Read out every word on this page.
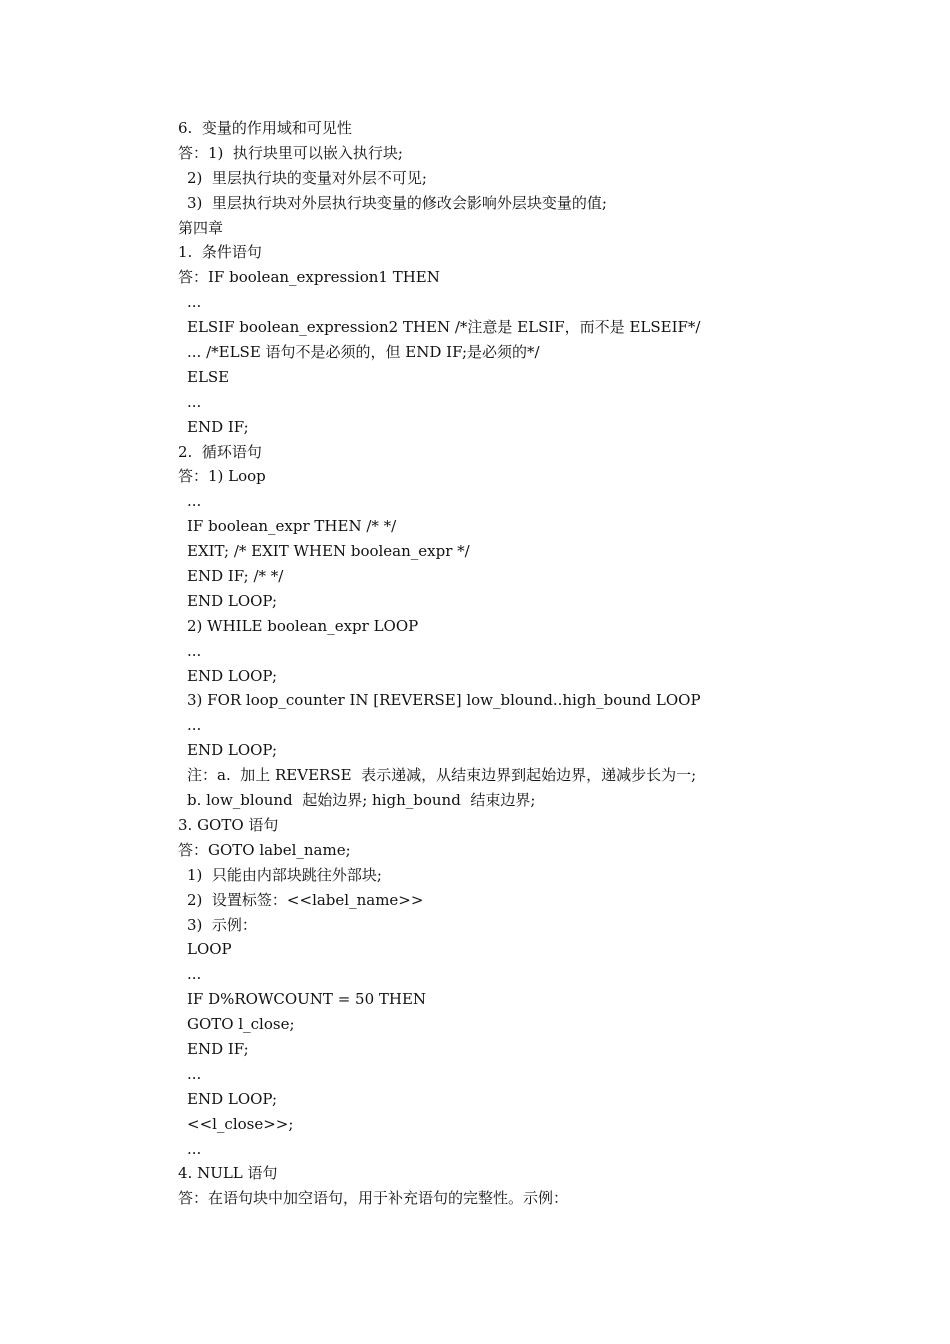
6.  变量的作用域和可见性
答：1)  执行块里可以嵌入执行块;
2)  里层执行块的变量对外层不可见;
3)  里层执行块对外层执行块变量的修改会影响外层块变量的值;
第四章
1.  条件语句
答：IF boolean_expression1 THEN
...
ELSIF boolean_expression2 THEN /*注意是 ELSIF，而不是 ELSEIF*/
... /*ELSE 语句不是必须的，但 END IF;是必须的*/
ELSE
...
END IF;
2.  循环语句
答：1) Loop
...
IF boolean_expr THEN /* */
EXIT; /* EXIT WHEN boolean_expr */
END IF; /* */
END LOOP;
2) WHILE boolean_expr LOOP
...
END LOOP;
3) FOR loop_counter IN [REVERSE] low_blound..high_bound LOOP
...
END LOOP;
注：a.  加上 REVERSE  表示递减，从结束边界到起始边界，递减步长为一;
b. low_blound  起始边界; high_bound  结束边界;
3. GOTO 语句
答：GOTO label_name;
1)  只能由内部块跳往外部块;
2)  设置标签：<<label_name>>
3)  示例：
LOOP
...
IF D%ROWCOUNT = 50 THEN
GOTO l_close;
END IF;
...
END LOOP;
<<l_close>>;
...
4. NULL 语句
答：在语句块中加空语句，用于补充语句的完整性。示例：
